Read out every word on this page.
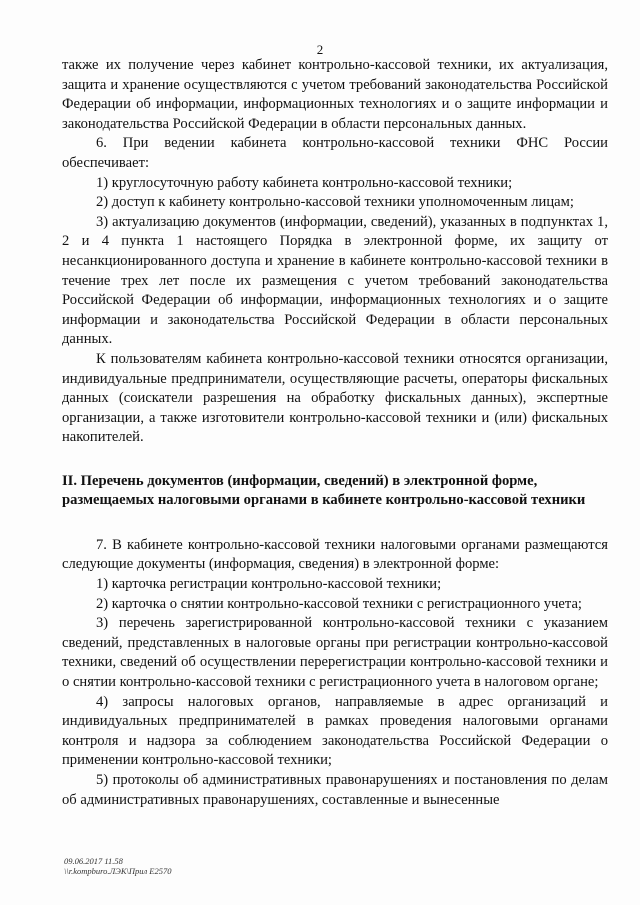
2

также их получение через кабинет контрольно-кассовой техники, их актуализация, защита и хранение осуществляются с учетом требований законодательства Российской Федерации об информации, информационных технологиях и о защите информации и законодательства Российской Федерации в области персональных данных.

6. При ведении кабинета контрольно-кассовой техники ФНС России обеспечивает:

1) круглосуточную работу кабинета контрольно-кассовой техники;

2) доступ к кабинету контрольно-кассовой техники уполномоченным лицам;

3) актуализацию документов (информации, сведений), указанных в подпунктах 1, 2 и 4 пункта 1 настоящего Порядка в электронной форме, их защиту от несанкционированного доступа и хранение в кабинете контрольно-кассовой техники в течение трех лет после их размещения с учетом требований законодательства Российской Федерации об информации, информационных технологиях и о защите информации и законодательства Российской Федерации в области персональных данных.

К пользователям кабинета контрольно-кассовой техники относятся организации, индивидуальные предприниматели, осуществляющие расчеты, операторы фискальных данных (соискатели разрешения на обработку фискальных данных), экспертные организации, а также изготовители контрольно-кассовой техники и (или) фискальных накопителей.

II. Перечень документов (информации, сведений) в электронной форме,

размещаемых налоговыми органами в кабинете контрольно-кассовой техники

7. В кабинете контрольно-кассовой техники налоговыми органами размещаются следующие документы (информация, сведения) в электронной форме:

1) карточка регистрации контрольно-кассовой техники;

2) карточка о снятии контрольно-кассовой техники с регистрационного учета;

3) перечень зарегистрированной контрольно-кассовой техники с указанием сведений, представленных в налоговые органы при регистрации контрольно-кассовой техники, сведений об осуществлении перерегистрации контрольно-кассовой техники и о снятии контрольно-кассовой техники с регистрационного учета в налоговом органе;

4) запросы налоговых органов, направляемые в адрес организаций и индивидуальных предпринимателей в рамках проведения налоговыми органами контроля и надзора за соблюдением законодательства Российской Федерации о применении контрольно-кассовой техники;

5) протоколы об административных правонарушениях и постановления по делам об административных правонарушениях, составленные и вынесенные

09.06.2017 11.58
\\r.kompburo.ЛЭК\Прил Е2570
